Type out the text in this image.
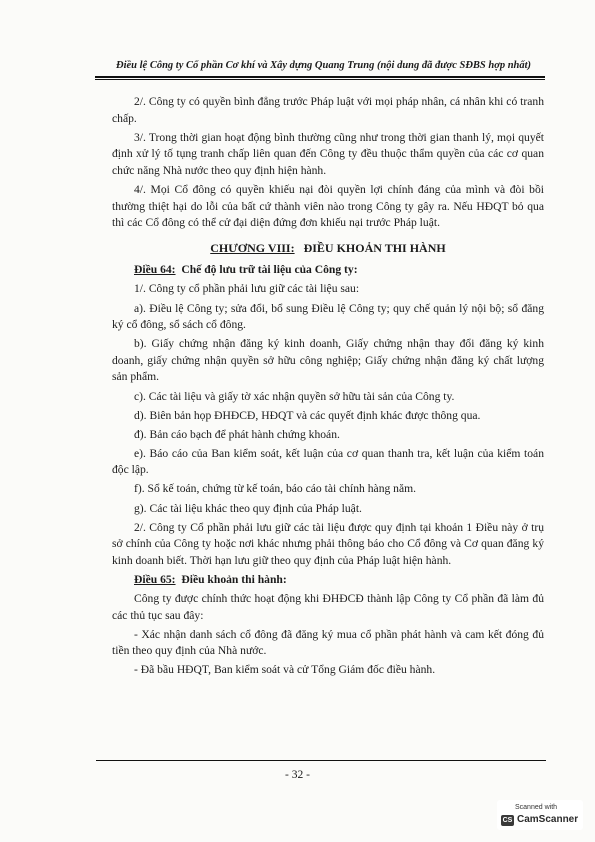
Điều lệ Công ty Cổ phần Cơ khí và Xây dựng Quang Trung (nội dung đã được SĐBS hợp nhất)

2/. Công ty có quyền bình đẳng trước Pháp luật với mọi pháp nhân, cá nhân khi có tranh chấp.

3/. Trong thời gian hoạt động bình thường cũng như trong thời gian thanh lý, mọi quyết định xử lý tố tụng tranh chấp liên quan đến Công ty đều thuộc thẩm quyền của các cơ quan chức năng Nhà nước theo quy định hiện hành.

4/. Mọi Cổ đông có quyền khiếu nại đòi quyền lợi chính đáng của mình và đòi bồi thường thiệt hại do lỗi của bất cứ thành viên nào trong Công ty gây ra. Nếu HĐQT bỏ qua thì các Cổ đông có thể cử đại diện đứng đơn khiếu nại trước Pháp luật.

CHƯƠNG VIII: ĐIỀU KHOẢN THI HÀNH

Điều 64: Chế độ lưu trữ tài liệu của Công ty:

1/. Công ty cổ phần phải lưu giữ các tài liệu sau:

a). Điều lệ Công ty; sửa đổi, bổ sung Điều lệ Công ty; quy chế quản lý nội bộ; sổ đăng ký cổ đông, sổ sách cổ đông.

b). Giấy chứng nhận đăng ký kinh doanh, Giấy chứng nhận thay đổi đăng ký kinh doanh, giấy chứng nhận quyền sở hữu công nghiệp; Giấy chứng nhận đăng ký chất lượng sản phẩm.

c). Các tài liệu và giấy tờ xác nhận quyền sở hữu tài sản của Công ty.

d). Biên bản họp ĐHĐCĐ, HĐQT và các quyết định khác được thông qua.

đ). Bản cáo bạch để phát hành chứng khoán.

e). Báo cáo của Ban kiểm soát, kết luận của cơ quan thanh tra, kết luận của kiểm toán độc lập.

f). Sổ kế toán, chứng từ kế toán, báo cáo tài chính hàng năm.

g). Các tài liệu khác theo quy định của Pháp luật.

2/. Công ty Cổ phần phải lưu giữ các tài liệu được quy định tại khoản 1 Điều này ở trụ sở chính của Công ty hoặc nơi khác nhưng phải thông báo cho Cổ đông và Cơ quan đăng ký kinh doanh biết. Thời hạn lưu giữ theo quy định của Pháp luật hiện hành.

Điều 65: Điều khoản thi hành:

Công ty được chính thức hoạt động khi ĐHĐCĐ thành lập Công ty Cổ phần đã làm đủ các thủ tục sau đây:

- Xác nhận danh sách cổ đông đã đăng ký mua cổ phần phát hành và cam kết đóng đủ tiền theo quy định của Nhà nước.

- Đã bầu HĐQT, Ban kiểm soát và cử Tổng Giám đốc điều hành.

- 32 -
Scanned with
CS CamScanner
